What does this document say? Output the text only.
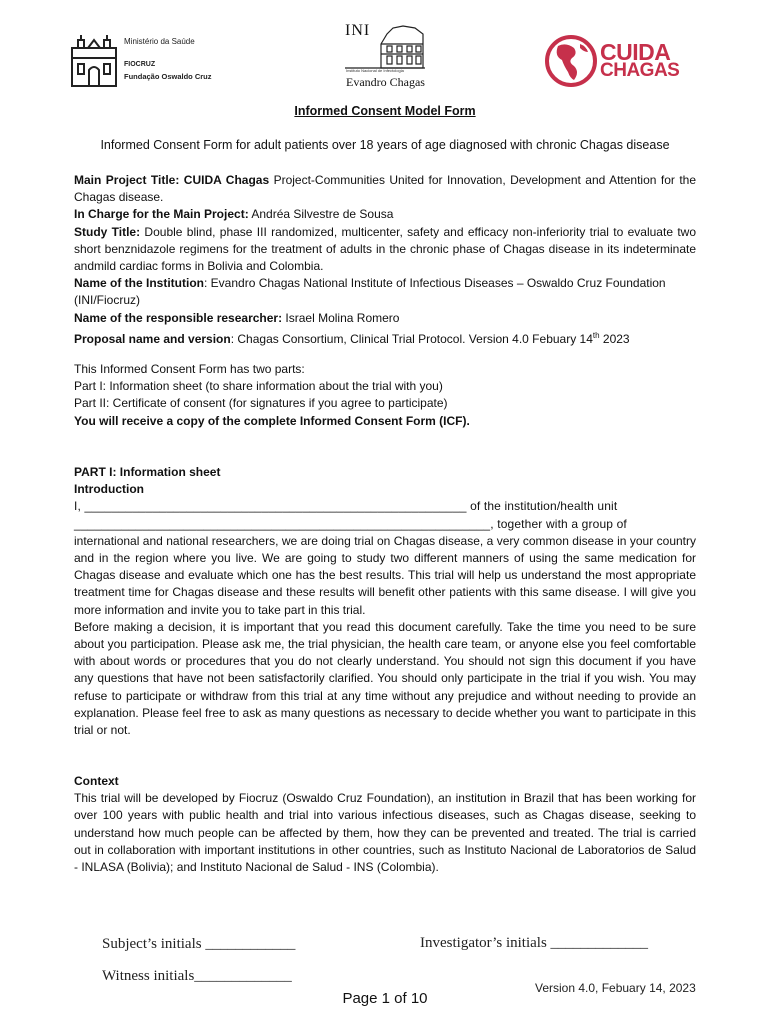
Ministério da Saúde
FIOCRUZ
Fundação Oswaldo Cruz
INI
Instituto Nacional de Infectologia
Evandro Chagas
CUIDA
CHAGAS
Informed Consent Model Form
Informed Consent Form for adult patients over 18 years of age diagnosed with chronic Chagas disease

Main Project Title: CUIDA Chagas Project-Communities United for Innovation, Development and Attention for the Chagas disease.

In Charge for the Main Project: Andréa Silvestre de Sousa

Study Title: Double blind, phase III randomized, multicenter, safety and efficacy non-inferiority trial to evaluate two short benznidazole regimens for the treatment of adults in the chronic phase of Chagas disease in its indeterminate andmild cardiac forms in Bolivia and Colombia.

Name of the Institution: Evandro Chagas National Institute of Infectious Diseases – Oswaldo Cruz Foundation (INI/Fiocruz)

Name of the responsible researcher: Israel Molina Romero

Proposal name and version: Chagas Consortium, Clinical Trial Protocol. Version 4.0 Febuary 14th 2023

This Informed Consent Form has two parts:

Part I: Information sheet (to share information about the trial with you)

Part II: Certificate of consent (for signatures if you agree to participate)

You will receive a copy of the complete Informed Consent Form (ICF).

PART I: Information sheet

Introduction

I, ________________________________________________________ of the institution/health unit

_____________________________________________________________, together with a group of

international and national researchers, we are doing trial on Chagas disease, a very common disease in your country and in the region where you live. We are going to study two different manners of using the same medication for Chagas disease and evaluate which one has the best results. This trial will help us understand the most appropriate treatment time for Chagas disease and these results will benefit other patients with this same disease. I will give you more information and invite you to take part in this trial.

Before making a decision, it is important that you read this document carefully. Take the time you need to be sure about you participation. Please ask me, the trial physician, the health care team, or anyone else you feel comfortable with about words or procedures that you do not clearly understand. You should not sign this document if you have any questions that have not been satisfactorily clarified. You should only participate in the trial if you wish. You may refuse to participate or withdraw from this trial at any time without any prejudice and without needing to provide an explanation. Please feel free to ask as many questions as necessary to decide whether you want to participate in this trial or not.

Context

This trial will be developed by Fiocruz (Oswaldo Cruz Foundation), an institution in Brazil that has been working for over 100 years with public health and trial into various infectious diseases, such as Chagas disease, seeking to understand how much people can be affected by them, how they can be prevented and treated. The trial is carried out in collaboration with important institutions in other countries, such as Instituto Nacional de Laboratorios de Salud - INLASA (Bolivia); and Instituto Nacional de Salud - INS (Colombia).

Subject’s initials ____________	Investigator’s initials _____________
Witness initials_____________
Version 4.0, Febuary 14, 2023
Page 1 of 10
